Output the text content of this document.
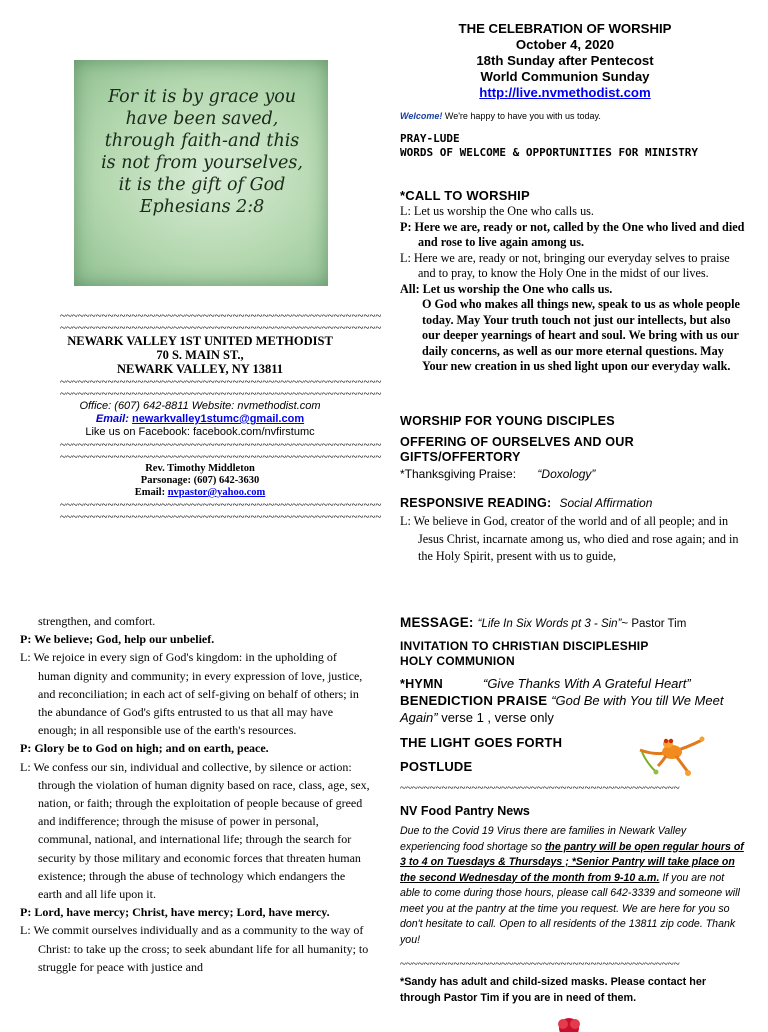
For it is by grace you
have been saved,
through faith-and this
is not from yourselves,
it is the gift of God
Ephesians 2:8
~~~~~~~~~~~~~~~~~~~~~~~~~~~~~~~~~~~~~~~~~~~~~~~~~~~~~~
~~~~~~~~~~~~~~~~~~~~~~~~~~~~~~~~~~~~~~~~~~~~~~~~~~~~~~
NEWARK VALLEY 1ST UNITED METHODIST
70 S. MAIN ST.,
NEWARK VALLEY, NY 13811
~~~~~~~~~~~~~~~~~~~~~~~~~~~~~~~~~~~~~~~~~~~~~~~~~~~~~~
~~~~~~~~~~~~~~~~~~~~~~~~~~~~~~~~~~~~~~~~~~~~~~~~~~~~~~
Office: (607) 642-8811 Website: nvmethodist.com
Email: newarkvalley1stumc@gmail.com
Like us on Facebook: facebook.com/nvfirstumc
~~~~~~~~~~~~~~~~~~~~~~~~~~~~~~~~~~~~~~~~~~~~~~~~~~~~~~
~~~~~~~~~~~~~~~~~~~~~~~~~~~~~~~~~~~~~~~~~~~~~~~~~~~~~~
Rev. Timothy Middleton
Parsonage: (607) 642-3630
Email: nvpastor@yahoo.com
~~~~~~~~~~~~~~~~~~~~~~~~~~~~~~~~~~~~~~~~~~~~~~~~~~~~~~
~~~~~~~~~~~~~~~~~~~~~~~~~~~~~~~~~~~~~~~~~~~~~~~~~~~~~~
THE CELEBRATION OF WORSHIP
October 4, 2020
18th Sunday after Pentecost
World Communion Sunday
http://live.nvmethodist.com
Welcome! We're happy to have you with us today.
PRAY-LUDE
WORDS OF WELCOME & OPPORTUNITIES FOR MINISTRY
*CALL TO WORSHIP
L: Let us worship the One who calls us.
P: Here we are, ready or not, called by the One who lived and died and rose to live again among us.
L: Here we are, ready or not, bringing our everyday selves to praise and to pray, to know the Holy One in the midst of our lives.
All: Let us worship the One who calls us.
O God who makes all things new, speak to us as whole people today. May Your truth touch not just our intellects, but also our deeper yearnings of heart and soul. We bring with us our daily concerns, as well as our more eternal questions. May Your new creation in us shed light upon our everyday walk.
WORSHIP FOR YOUNG DISCIPLES
OFFERING OF OURSELVES AND OUR GIFTS/OFFERTORY
*Thanksgiving Praise: “Doxology”
RESPONSIVE READING: Social Affirmation
L: We believe in God, creator of the world and of all people; and in Jesus Christ, incarnate among us, who died and rose again; and in the Holy Spirit, present with us to guide,
strengthen, and comfort.
P: We believe; God, help our unbelief.
L: We rejoice in every sign of God's kingdom: in the upholding of human dignity and community; in every expression of love, justice, and reconciliation; in each act of self-giving on behalf of others; in the abundance of God's gifts entrusted to us that all may have enough; in all responsible use of the earth's resources.
P: Glory be to God on high; and on earth, peace.
L: We confess our sin, individual and collective, by silence or action: through the violation of human dignity based on race, class, age, sex, nation, or faith; through the exploitation of people because of greed and indifference; through the misuse of power in personal, communal, national, and international life; through the search for security by those military and economic forces that threaten human existence; through the abuse of technology which endangers the earth and all life upon it.
P: Lord, have mercy; Christ, have mercy; Lord, have mercy.
L: We commit ourselves individually and as a community to the way of Christ: to take up the cross; to seek abundant life for all humanity; to struggle for peace with justice and
MESSAGE: “Life In Six Words pt 3 - Sin”~ Pastor Tim
INVITATION TO CHRISTIAN DISCIPLESHIP
HOLY COMMUNION
*HYMN	“Give Thanks With A Grateful Heart”
BENEDICTION PRAISE “God Be with You till We Meet Again” verse 1 , verse only
THE LIGHT GOES FORTH
POSTLUDE
~~~~~~~~~~~~~~~~~~~~~~~~~~~~~~~~~~~~~~~~~~~~~~~
NV Food Pantry News
Due to the Covid 19 Virus there are families in Newark Valley experiencing food shortage so the pantry will be open regular hours of 3 to 4 on Tuesdays & Thursdays ; *Senior Pantry will take place on the second Wednesday of the month from 9-10 a.m. If you are not able to come during those hours, please call 642-3339 and someone will meet you at the pantry at the time you request. We are here for you so don't hesitate to call. Open to all residents of the 13811 zip code. Thank you!
~~~~~~~~~~~~~~~~~~~~~~~~~~~~~~~~~~~~~~~~~~~~~~~
*Sandy has adult and child-sized masks. Please contact her through Pastor Tim if you are in need of them.
